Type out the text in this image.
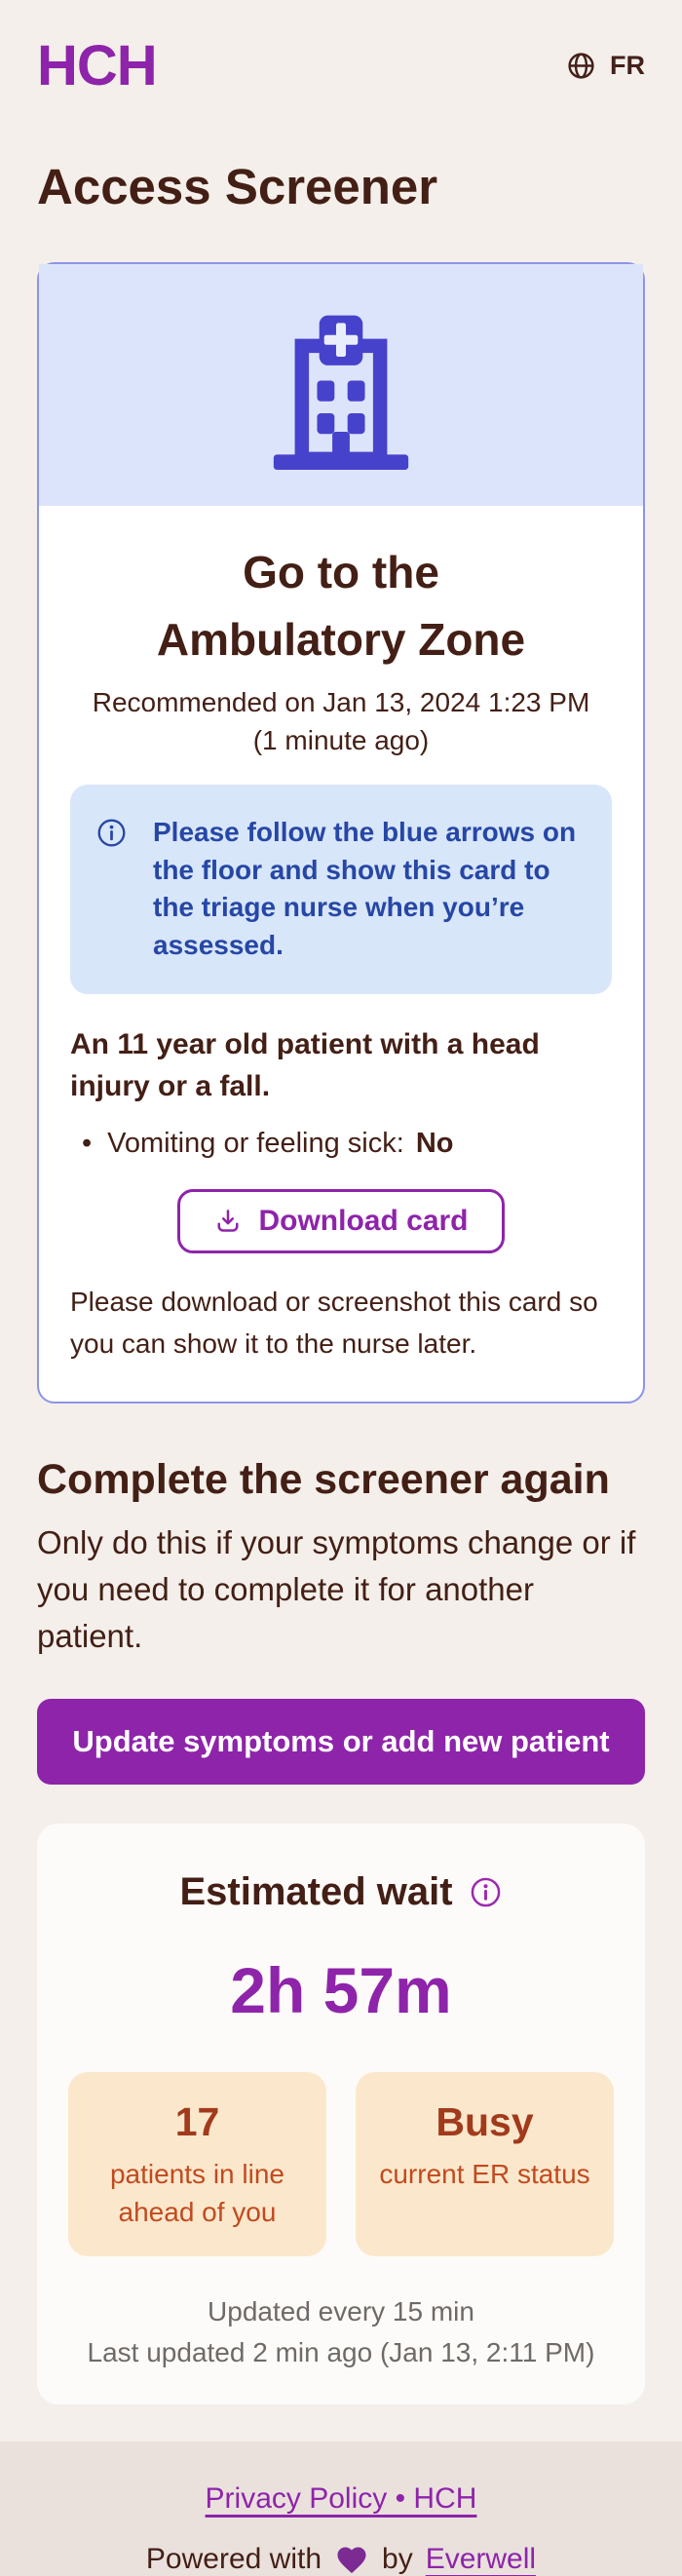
HCH	FR
Access Screener
Go to the
Ambulatory Zone

Recommended on Jan 13, 2024 1:23 PM
(1 minute ago)

Please follow the blue arrows on the floor and show this card to the triage nurse when you’re assessed.

An 11 year old patient with a head injury or a fall.

• Vomiting or feeling sick: No
Download card

Please download or screenshot this card so you can show it to the nurse later.

Complete the screener again

Only do this if your symptoms change or if you need to complete it for another patient.

Update symptoms or add new patient
Estimated wait
2h 57m
17
patients in line ahead of you
Busy
current ER status

Updated every 15 min
Last updated 2 min ago (Jan 13, 2:11 PM)

Privacy Policy • HCH

Powered with by Everwell
